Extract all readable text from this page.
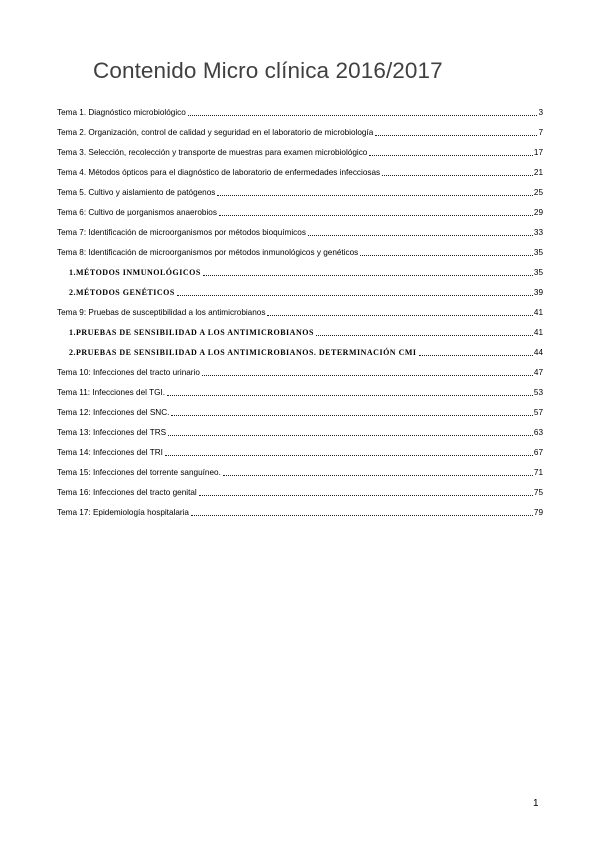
Contenido Micro clínica 2016/2017
Tema 1. Diagnóstico microbiológico	3
Tema 2. Organización, control de calidad y seguridad en el laboratorio de microbiología	7
Tema 3. Selección, recolección y transporte de muestras para examen microbiológico	17
Tema 4. Métodos ópticos para el diagnóstico de laboratorio de enfermedades infecciosas	21
Tema 5. Cultivo y aislamiento de patógenos	25
Tema 6: Cultivo de µorganismos anaerobios	29
Tema 7: Identificación de microorganismos por métodos bioquímicos	33
Tema 8: Identificación de microorganismos por métodos inmunológicos y genéticos	35
1.MÉTODOS INMUNOLÓGICOS	35
2.MÉTODOS GENÉTICOS	39
Tema 9: Pruebas de susceptibilidad a los antimicrobianos	41
1.PRUEBAS DE SENSIBILIDAD A LOS ANTIMICROBIANOS	41
2.PRUEBAS DE SENSIBILIDAD A LOS ANTIMICROBIANOS. DETERMINACIÓN CMI	44
Tema 10: Infecciones del tracto urinario	47
Tema 11: Infecciones del TGI.	53
Tema 12: Infecciones del SNC.	57
Tema 13: Infecciones del TRS	63
Tema 14: Infecciones del TRI	67
Tema 15: Infecciones del torrente sanguíneo.	71
Tema 16: Infecciones del tracto genital	75
Tema 17: Epidemiología hospitalaria	79
1
